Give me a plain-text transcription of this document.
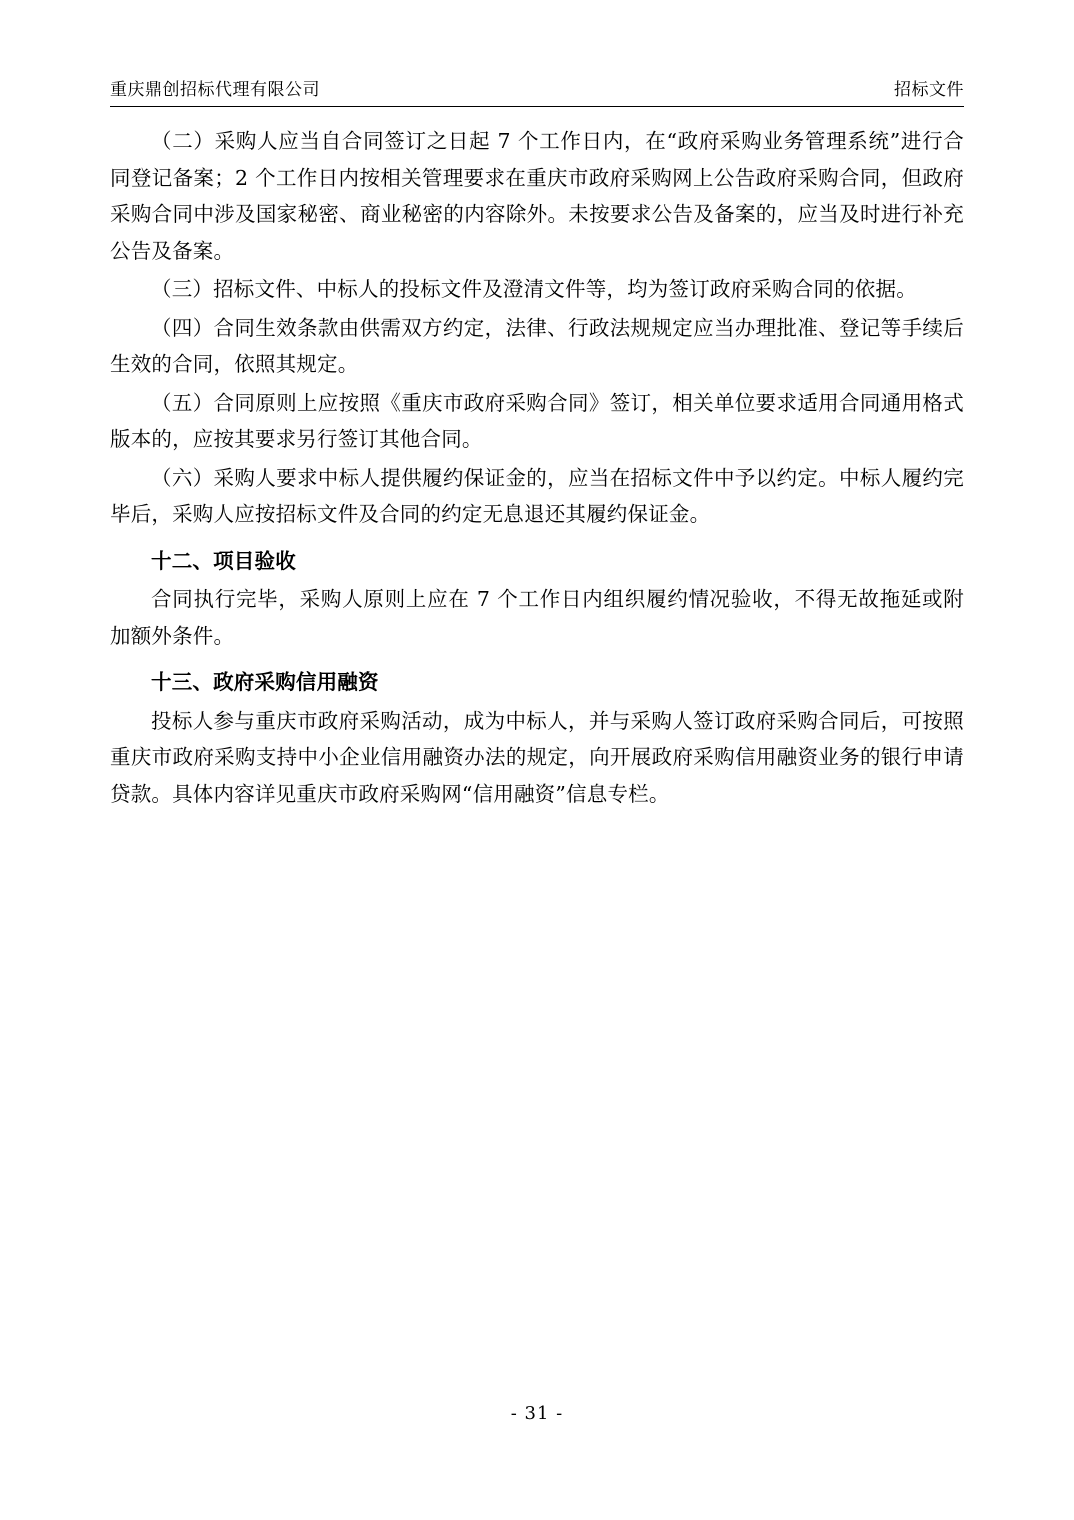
重庆鼎创招标代理有限公司	招标文件

（二）采购人应当自合同签订之日起 7 个工作日内，在“政府采购业务管理系统”进行合同登记备案；2 个工作日内按相关管理要求在重庆市政府采购网上公告政府采购合同，但政府采购合同中涉及国家秘密、商业秘密的内容除外。未按要求公告及备案的，应当及时进行补充公告及备案。

（三）招标文件、中标人的投标文件及澄清文件等，均为签订政府采购合同的依据。

（四）合同生效条款由供需双方约定，法律、行政法规规定应当办理批准、登记等手续后生效的合同，依照其规定。

（五）合同原则上应按照《重庆市政府采购合同》签订，相关单位要求适用合同通用格式版本的，应按其要求另行签订其他合同。

（六）采购人要求中标人提供履约保证金的，应当在招标文件中予以约定。中标人履约完毕后，采购人应按招标文件及合同的约定无息退还其履约保证金。

十二、项目验收

合同执行完毕，采购人原则上应在 7 个工作日内组织履约情况验收，不得无故拖延或附加额外条件。

十三、政府采购信用融资

投标人参与重庆市政府采购活动，成为中标人，并与采购人签订政府采购合同后，可按照重庆市政府采购支持中小企业信用融资办法的规定，向开展政府采购信用融资业务的银行申请贷款。具体内容详见重庆市政府采购网“信用融资”信息专栏。

- 31 -
